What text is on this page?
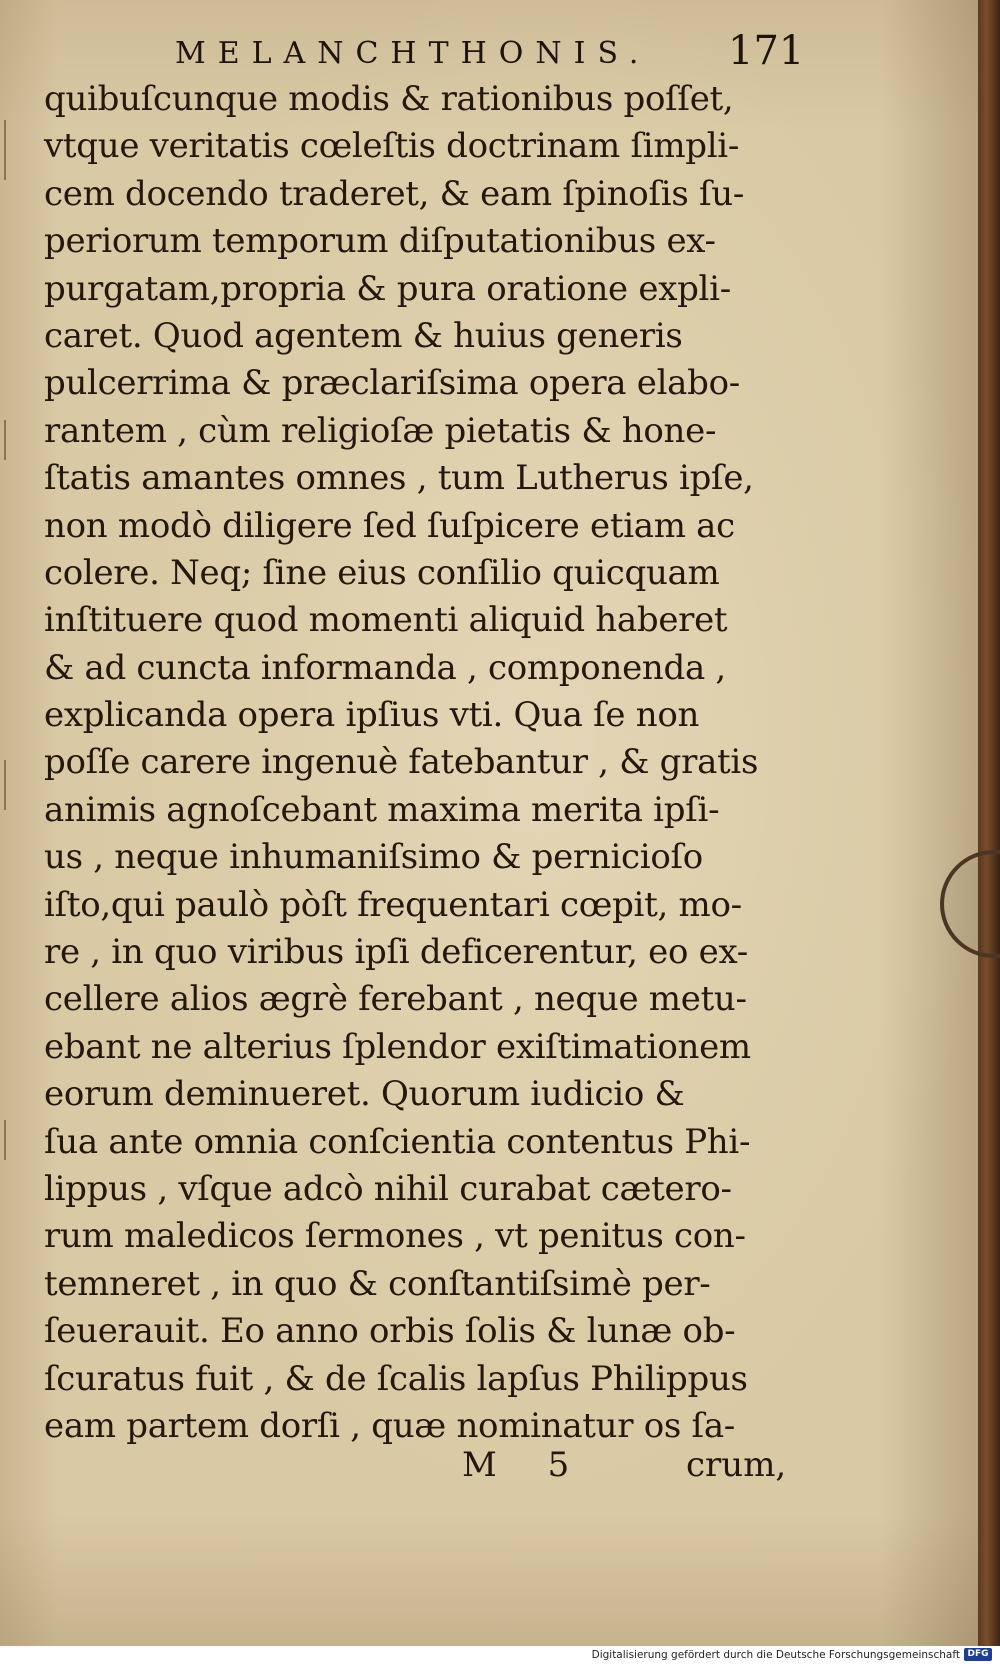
MELANCHTHONIS.	171
quibuſcunque modis & rationibus poſſet,
vtque veritatis cœleſtis doctrinam ſimpli-
cem docendo traderet, & eam ſpinoſis ſu-
periorum temporum diſputationibus ex-
purgatam,propria & pura oratione expli-
caret. Quod agentem & huius generis
pulcerrima & præclariſsima opera elabo-
rantem , cùm religioſæ pietatis & hone-
ſtatis amantes omnes , tum Lutherus ipſe,
non modò diligere ſed ſuſpicere etiam ac
colere. Neq; ſine eius conſilio quicquam
inſtituere quod momenti aliquid haberet
& ad cuncta informanda , componenda ,
explicanda opera ipſius vti. Qua ſe non
poſſe carere ingenuè fatebantur , & gratis
animis agnoſcebant maxima merita ipſi-
us , neque inhumaniſsimo & pernicioſo
iſto,qui paulò pòſt frequentari cœpit, mo-
re , in quo viribus ipſi deficerentur, eo ex-
cellere alios ægrè ferebant , neque metu-
ebant ne alterius ſplendor exiſtimationem
eorum deminueret. Quorum iudicio &
ſua ante omnia conſcientia contentus Phi-
lippus , vſque adcò nihil curabat cætero-
rum maledicos ſermones , vt penitus con-
temneret , in quo & conſtantiſsimè per-
ſeuerauit. Eo anno orbis ſolis & lunæ ob-
ſcuratus fuit , & de ſcalis lapſus Philippus
eam partem dorſi , quæ nominatur os ſa-
M 5	crum,
Digitalisierung gefördert durch die Deutsche Forschungsgemeinschaft DFG
